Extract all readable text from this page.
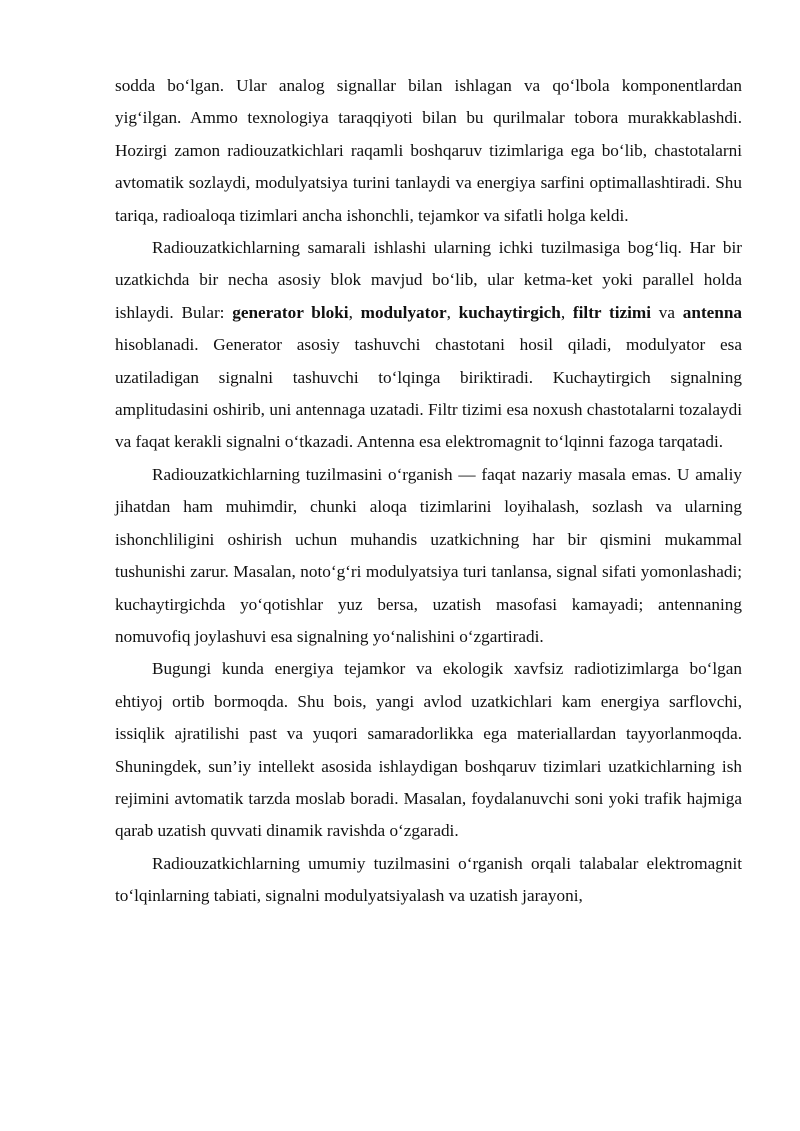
sodda bo‘lgan. Ular analog signallar bilan ishlagan va qo‘lbola komponentlardan yig‘ilgan. Ammo texnologiya taraqqiyoti bilan bu qurilmalar tobora murakkablashdi. Hozirgi zamon radiouzatkichlari raqamli boshqaruv tizimlariga ega bo‘lib, chastotalarni avtomatik sozlaydi, modulyatsiya turini tanlaydi va energiya sarfini optimallashtiradi. Shu tariqa, radioaloqa tizimlari ancha ishonchli, tejamkor va sifatli holga keldi.

Radiouzatkichlarning samarali ishlashi ularning ichki tuzilmasiga bog‘liq. Har bir uzatkichda bir necha asosiy blok mavjud bo‘lib, ular ketma-ket yoki parallel holda ishlaydi. Bular: generator bloki, modulyator, kuchaytirgich, filtr tizimi va antenna hisoblanadi. Generator asosiy tashuvchi chastotani hosil qiladi, modulyator esa uzatiladigan signalni tashuvchi to‘lqinga biriktiradi. Kuchaytirgich signalning amplitudasini oshirib, uni antennaga uzatadi. Filtr tizimi esa noxush chastotalarni tozalaydi va faqat kerakli signalni o‘tkazadi. Antenna esa elektromagnit to‘lqinni fazoga tarqatadi.

Radiouzatkichlarning tuzilmasini o‘rganish — faqat nazariy masala emas. U amaliy jihatdan ham muhimdir, chunki aloqa tizimlarini loyihalash, sozlash va ularning ishonchliligini oshirish uchun muhandis uzatkichning har bir qismini mukammal tushunishi zarur. Masalan, noto‘g‘ri modulyatsiya turi tanlansa, signal sifati yomonlashadi; kuchaytirgichda yo‘qotishlar yuz bersa, uzatish masofasi kamayadi; antennaning nomuvofiq joylashuvi esa signalning yo‘nalishini o‘zgartiradi.

Bugungi kunda energiya tejamkor va ekologik xavfsiz radiotizimlarga bo‘lgan ehtiyoj ortib bormoqda. Shu bois, yangi avlod uzatkichlari kam energiya sarflovchi, issiqlik ajratilishi past va yuqori samaradorlikka ega materiallardan tayyorlanmoqda. Shuningdek, sun’iy intellekt asosida ishlaydigan boshqaruv tizimlari uzatkichlarning ish rejimini avtomatik tarzda moslab boradi. Masalan, foydalanuvchi soni yoki trafik hajmiga qarab uzatish quvvati dinamik ravishda o‘zgaradi.

Radiouzatkichlarning umumiy tuzilmasini o‘rganish orqali talabalar elektromagnit to‘lqinlarning tabiati, signalni modulyatsiyalash va uzatish jarayoni,
